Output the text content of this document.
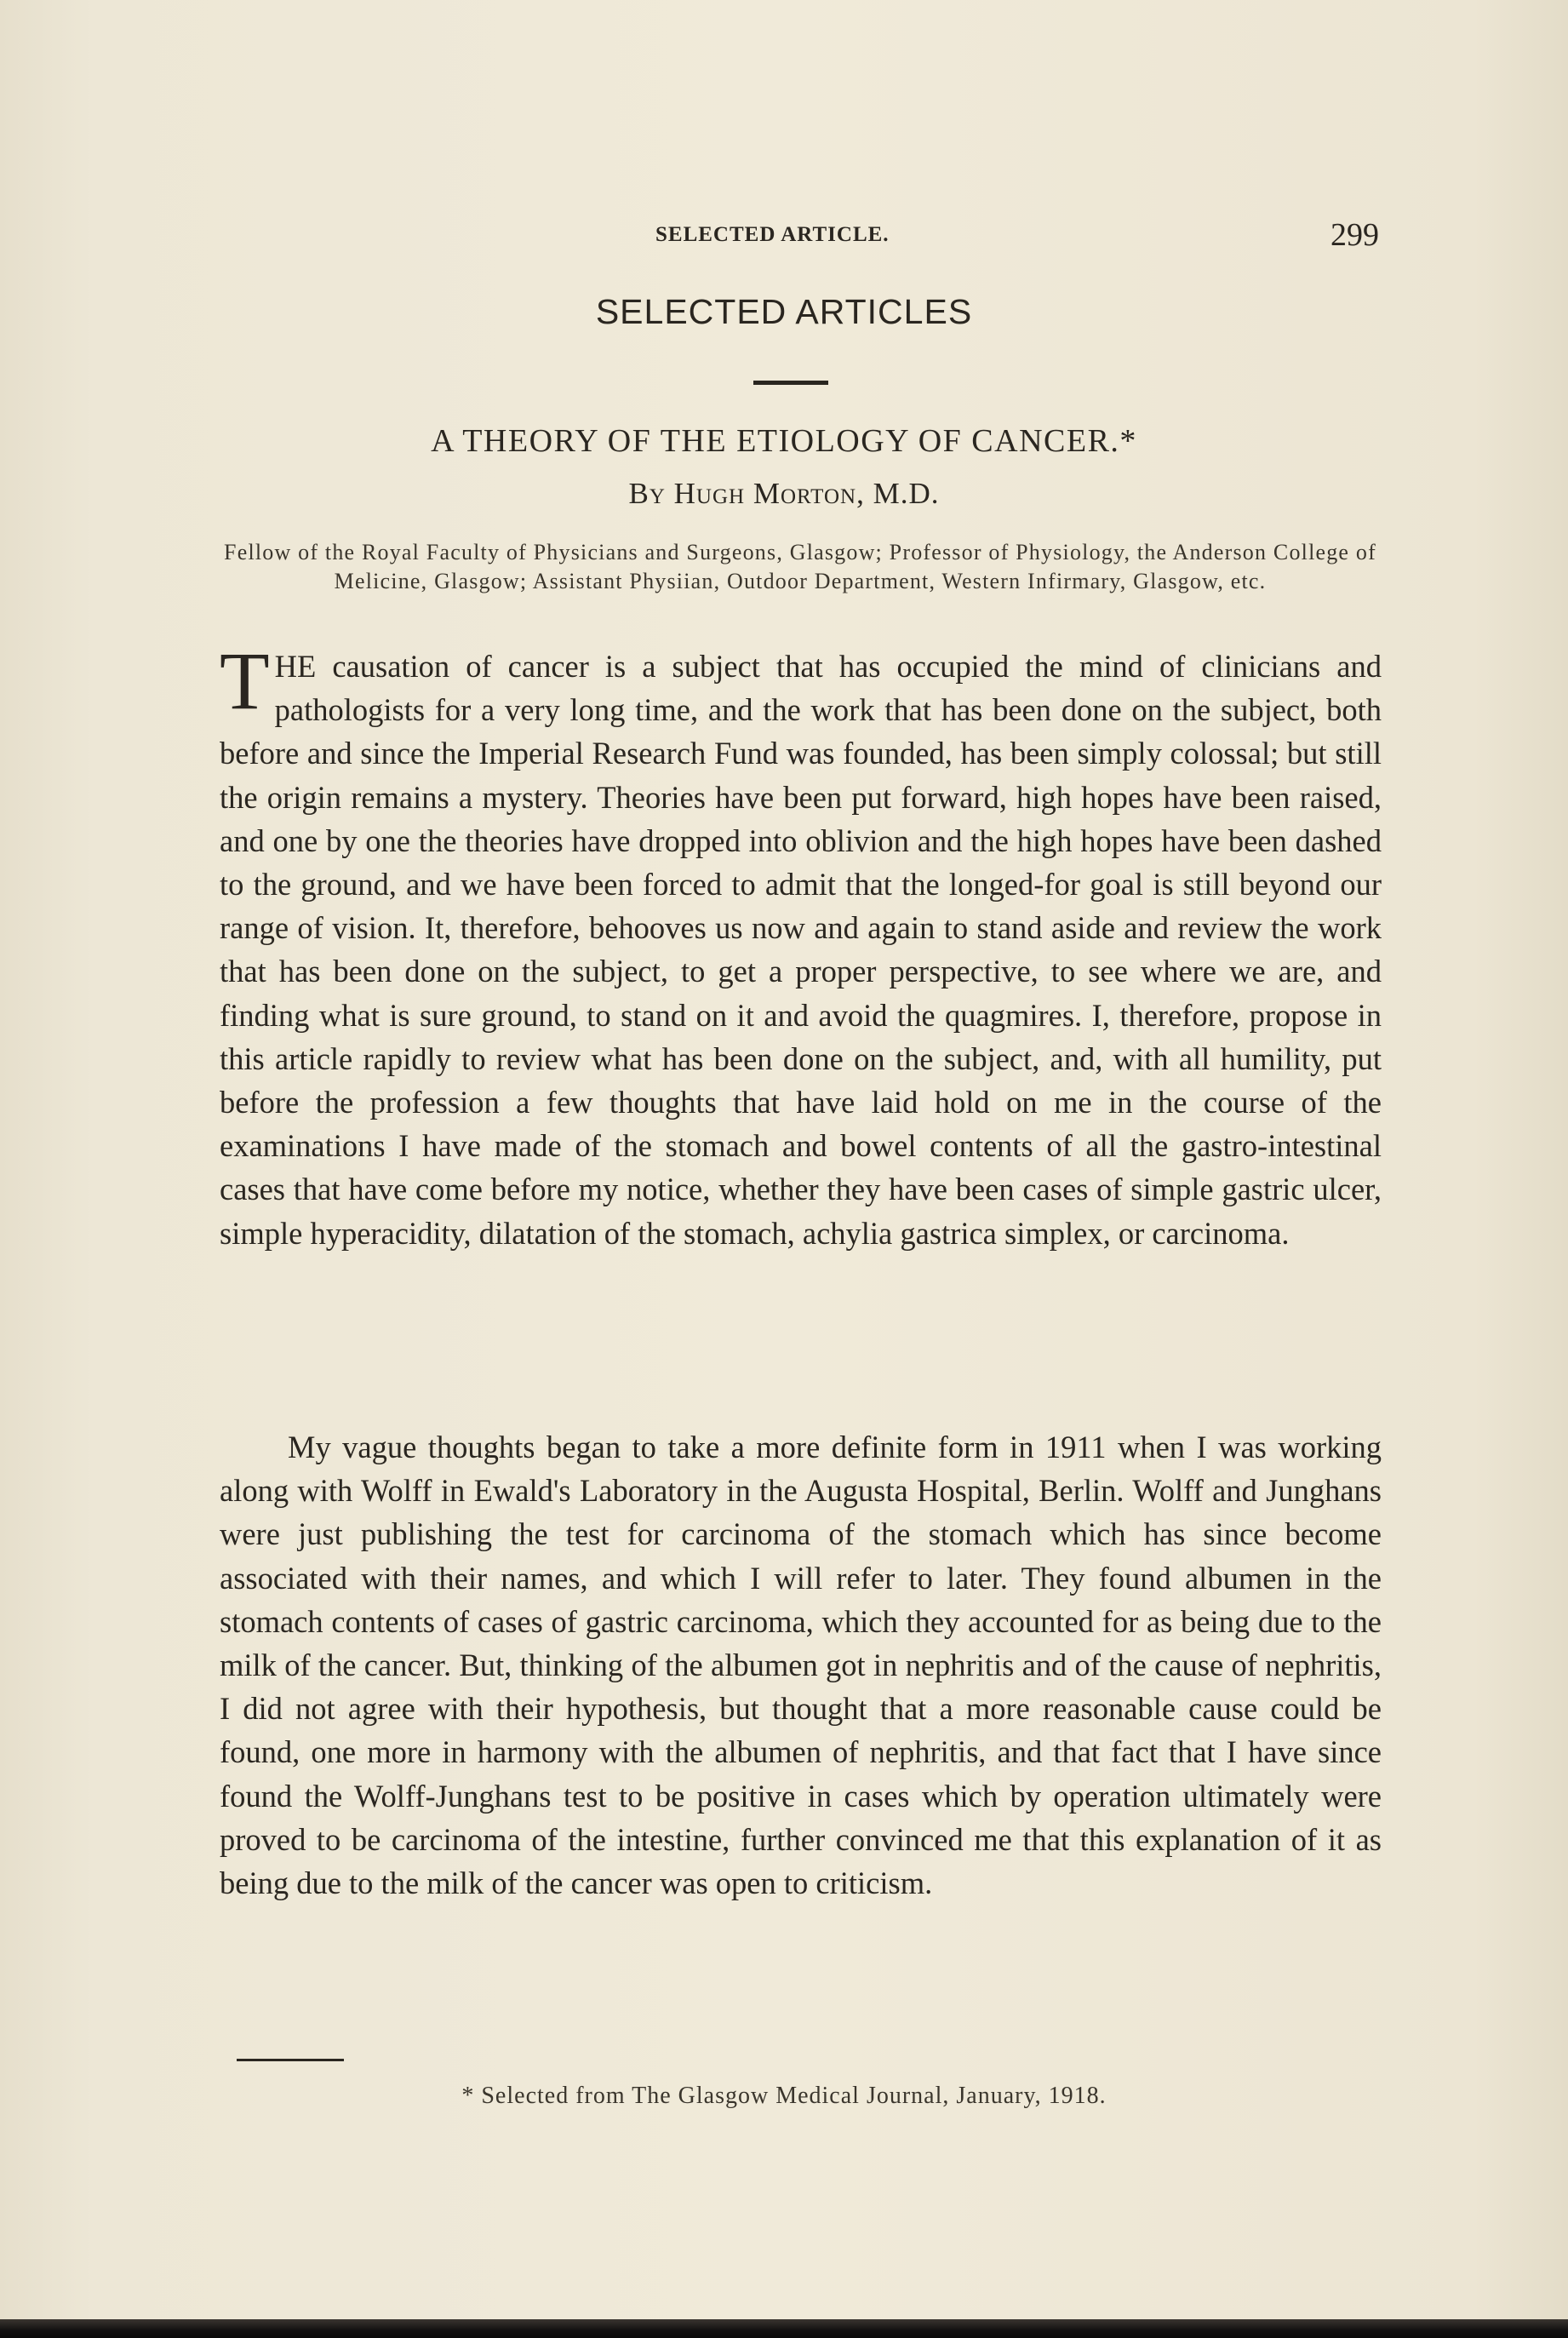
SELECTED ARTICLE.	299
SELECTED ARTICLES
A THEORY OF THE ETIOLOGY OF CANCER.*
By Hugh Morton, M.D.
Fellow of the Royal Faculty of Physicians and Surgeons, Glasgow; Professor of Physiology, the Anderson College of Melicine, Glasgow; Assistant Physiian, Outdoor Department, Western Infirmary, Glasgow, etc.

THE causation of cancer is a subject that has occupied the mind of clinicians and pathologists for a very long time, and the work that has been done on the subject, both before and since the Imperial Research Fund was founded, has been simply colossal; but still the origin remains a mystery. Theories have been put forward, high hopes have been raised, and one by one the theories have dropped into oblivion and the high hopes have been dashed to the ground, and we have been forced to admit that the longed-for goal is still beyond our range of vision. It, therefore, behooves us now and again to stand aside and review the work that has been done on the subject, to get a proper perspective, to see where we are, and finding what is sure ground, to stand on it and avoid the quagmires. I, therefore, propose in this article rapidly to review what has been done on the subject, and, with all humility, put before the profession a few thoughts that have laid hold on me in the course of the examinations I have made of the stomach and bowel contents of all the gastro-intestinal cases that have come before my notice, whether they have been cases of simple gastric ulcer, simple hyperacidity, dilatation of the stomach, achylia gastrica simplex, or carcinoma.

My vague thoughts began to take a more definite form in 1911 when I was working along with Wolff in Ewald's Laboratory in the Augusta Hospital, Berlin. Wolff and Junghans were just publishing the test for carcinoma of the stomach which has since become associated with their names, and which I will refer to later. They found albumen in the stomach contents of cases of gastric carcinoma, which they accounted for as being due to the milk of the cancer. But, thinking of the albumen got in nephritis and of the cause of nephritis, I did not agree with their hypothesis, but thought that a more reasonable cause could be found, one more in harmony with the albumen of nephritis, and that fact that I have since found the Wolff-Junghans test to be positive in cases which by operation ultimately were proved to be carcinoma of the intestine, further convinced me that this explanation of it as being due to the milk of the cancer was open to criticism.

* Selected from The Glasgow Medical Journal, January, 1918.
